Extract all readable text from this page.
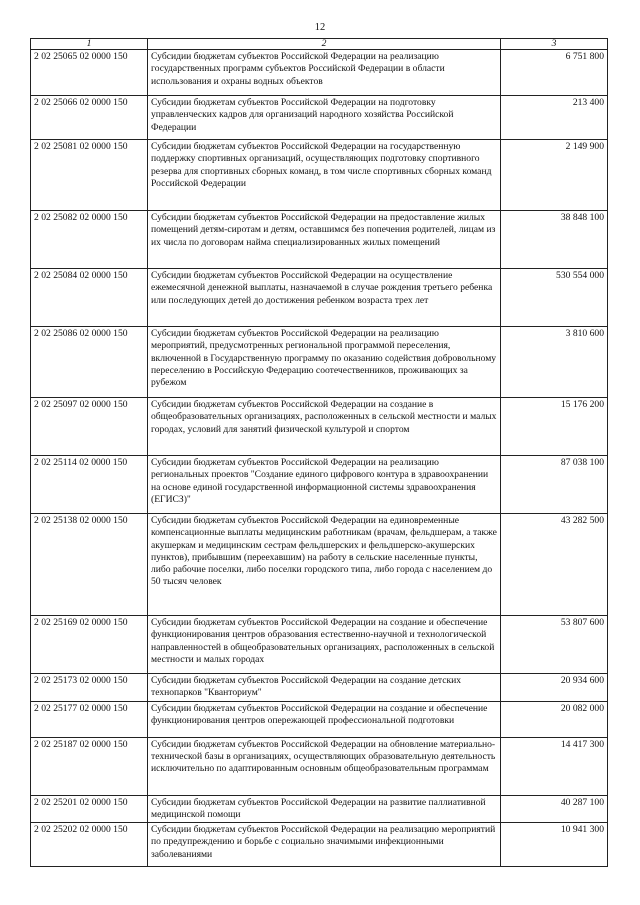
12
1	2	3
2 02 25065 02 0000 150	Субсидии бюджетам субъектов Российской Федерации на реализацию государственных программ субъектов Российской Федерации в области использования и охраны водных объектов	6 751 800
2 02 25066 02 0000 150	Субсидии бюджетам субъектов Российской Федерации на подготовку управленческих кадров для организаций народного хозяйства Российской Федерации	213 400
2 02 25081 02 0000 150	Субсидии бюджетам субъектов Российской Федерации на государственную поддержку спортивных организаций, осуществляющих подготовку спортивного резерва для спортивных сборных команд, в том числе спортивных сборных команд Российской Федерации	2 149 900
2 02 25082 02 0000 150	Субсидии бюджетам субъектов Российской Федерации на предоставление жилых помещений детям-сиротам и детям, оставшимся без попечения родителей, лицам из их числа по договорам найма специализированных жилых помещений	38 848 100
2 02 25084 02 0000 150	Субсидии бюджетам субъектов Российской Федерации на осуществление ежемесячной денежной выплаты, назначаемой в случае рождения третьего ребенка или последующих детей до достижения ребенком возраста трех лет	530 554 000
2 02 25086 02 0000 150	Субсидии бюджетам субъектов Российской Федерации на реализацию мероприятий, предусмотренных региональной программой переселения, включенной в Государственную программу по оказанию содействия добровольному переселению в Российскую Федерацию соотечественников, проживающих за рубежом	3 810 600
2 02 25097 02 0000 150	Субсидии бюджетам субъектов Российской Федерации на создание в общеобразовательных организациях, расположенных в сельской местности и малых городах, условий для занятий физической культурой и спортом	15 176 200
2 02 25114 02 0000 150	Субсидии бюджетам субъектов Российской Федерации на реализацию региональных проектов "Создание единого цифрового контура в здравоохранении на основе единой государственной информационной системы здравоохранения (ЕГИСЗ)"	87 038 100
2 02 25138 02 0000 150	Субсидии бюджетам субъектов Российской Федерации на единовременные компенсационные выплаты медицинским работникам (врачам, фельдшерам, а также акушеркам и медицинским сестрам фельдшерских и фельдшерско-акушерских пунктов), прибывшим (переехавшим) на работу в сельские населенные пункты, либо рабочие поселки, либо поселки городского типа, либо города с населением до 50 тысяч человек	43 282 500
2 02 25169 02 0000 150	Субсидии бюджетам субъектов Российской Федерации на создание и обеспечение функционирования центров образования естественно-научной и технологической направленностей в общеобразовательных организациях, расположенных в сельской местности и малых городах	53 807 600
2 02 25173 02 0000 150	Субсидии бюджетам субъектов Российской Федерации на создание детских технопарков "Кванториум"	20 934 600
2 02 25177 02 0000 150	Субсидии бюджетам субъектов Российской Федерации на создание и обеспечение функционирования центров опережающей профессиональной подготовки	20 082 000
2 02 25187 02 0000 150	Субсидии бюджетам субъектов Российской Федерации на обновление материально-технической базы в организациях, осуществляющих образовательную деятельность исключительно по адаптированным основным общеобразовательным программам	14 417 300
2 02 25201 02 0000 150	Субсидии бюджетам субъектов Российской Федерации на развитие паллиативной медицинской помощи	40 287 100
2 02 25202 02 0000 150	Субсидии бюджетам субъектов Российской Федерации на реализацию мероприятий по предупреждению и борьбе с социально значимыми инфекционными заболеваниями	10 941 300
